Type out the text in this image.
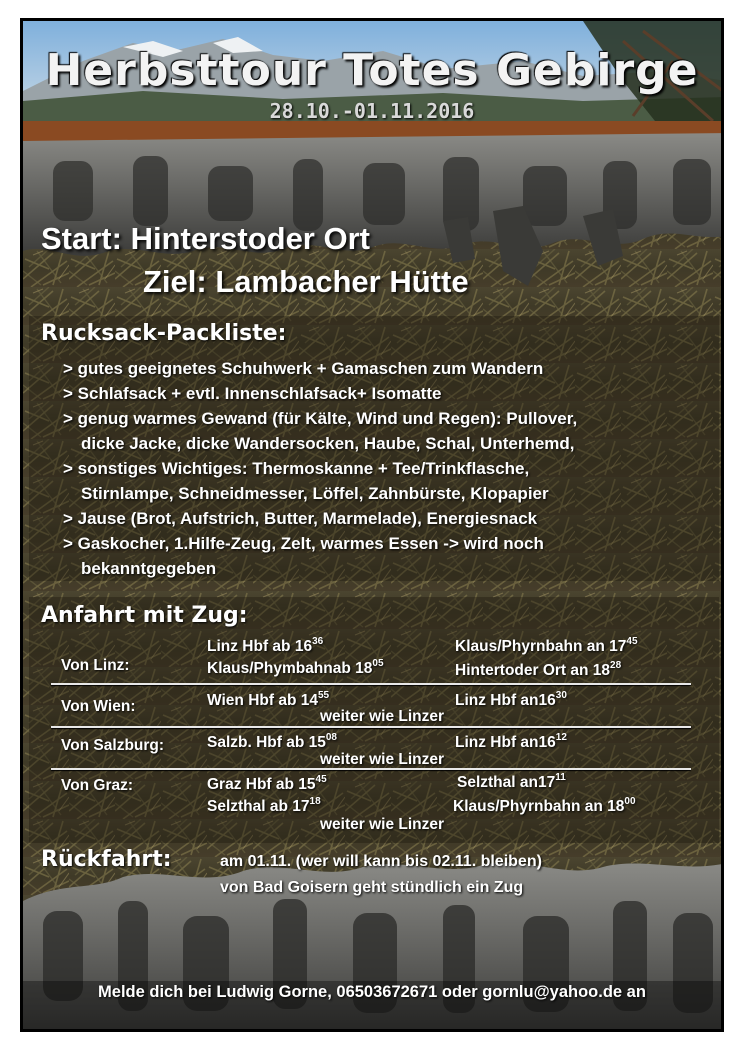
Herbsttour Totes Gebirge
28.10.-01.11.2016
Start: Hinterstoder Ort
Ziel: Lambacher Hütte
Rucksack-Packliste:
> gutes geeignetes Schuhwerk + Gamaschen zum Wandern
> Schlafsack + evtl. Innenschlafsack+ Isomatte
> genug warmes Gewand (für Kälte, Wind und Regen): Pullover,
dicke Jacke, dicke Wandersocken, Haube, Schal, Unterhemd,
> sonstiges Wichtiges: Thermoskanne + Tee/Trinkflasche,
Stirnlampe, Schneidmesser, Löffel, Zahnbürste, Klopapier
> Jause (Brot, Aufstrich, Butter, Marmelade), Energiesnack
> Gaskocher, 1.Hilfe-Zeug, Zelt, warmes Essen -> wird noch
bekanntgegeben
Anfahrt mit Zug:
Von Linz:
Linz Hbf ab $16^{36}$	Klaus/Phyrnbahn an $17^{45}$
Klaus/Phymbahnab $18^{05}$	Hintertoder Ort an $18^{28}$
Von Wien:	Wien Hbf ab $14^{55}$	Linz Hbf $an16^{30}$
weiter wie Linzer
Von Salzburg:	Salzb. Hbf ab $15^{08}$	Linz Hbf $an16^{12}$
weiter wie Linzer
Von Graz:	Graz Hbf ab $15^{45}$	Selzthal $an17^{11}$
Selzthal ab $17^{18}$	Klaus/Phyrnbahn an $18^{00}$
weiter wie Linzer
Rückfahrt:	am 01.11. (wer will kann bis 02.11. bleiben)
von Bad Goisern geht stündlich ein Zug
Melde dich bei Ludwig Gorne, 06503672671 oder gornlu@yahoo.de an
